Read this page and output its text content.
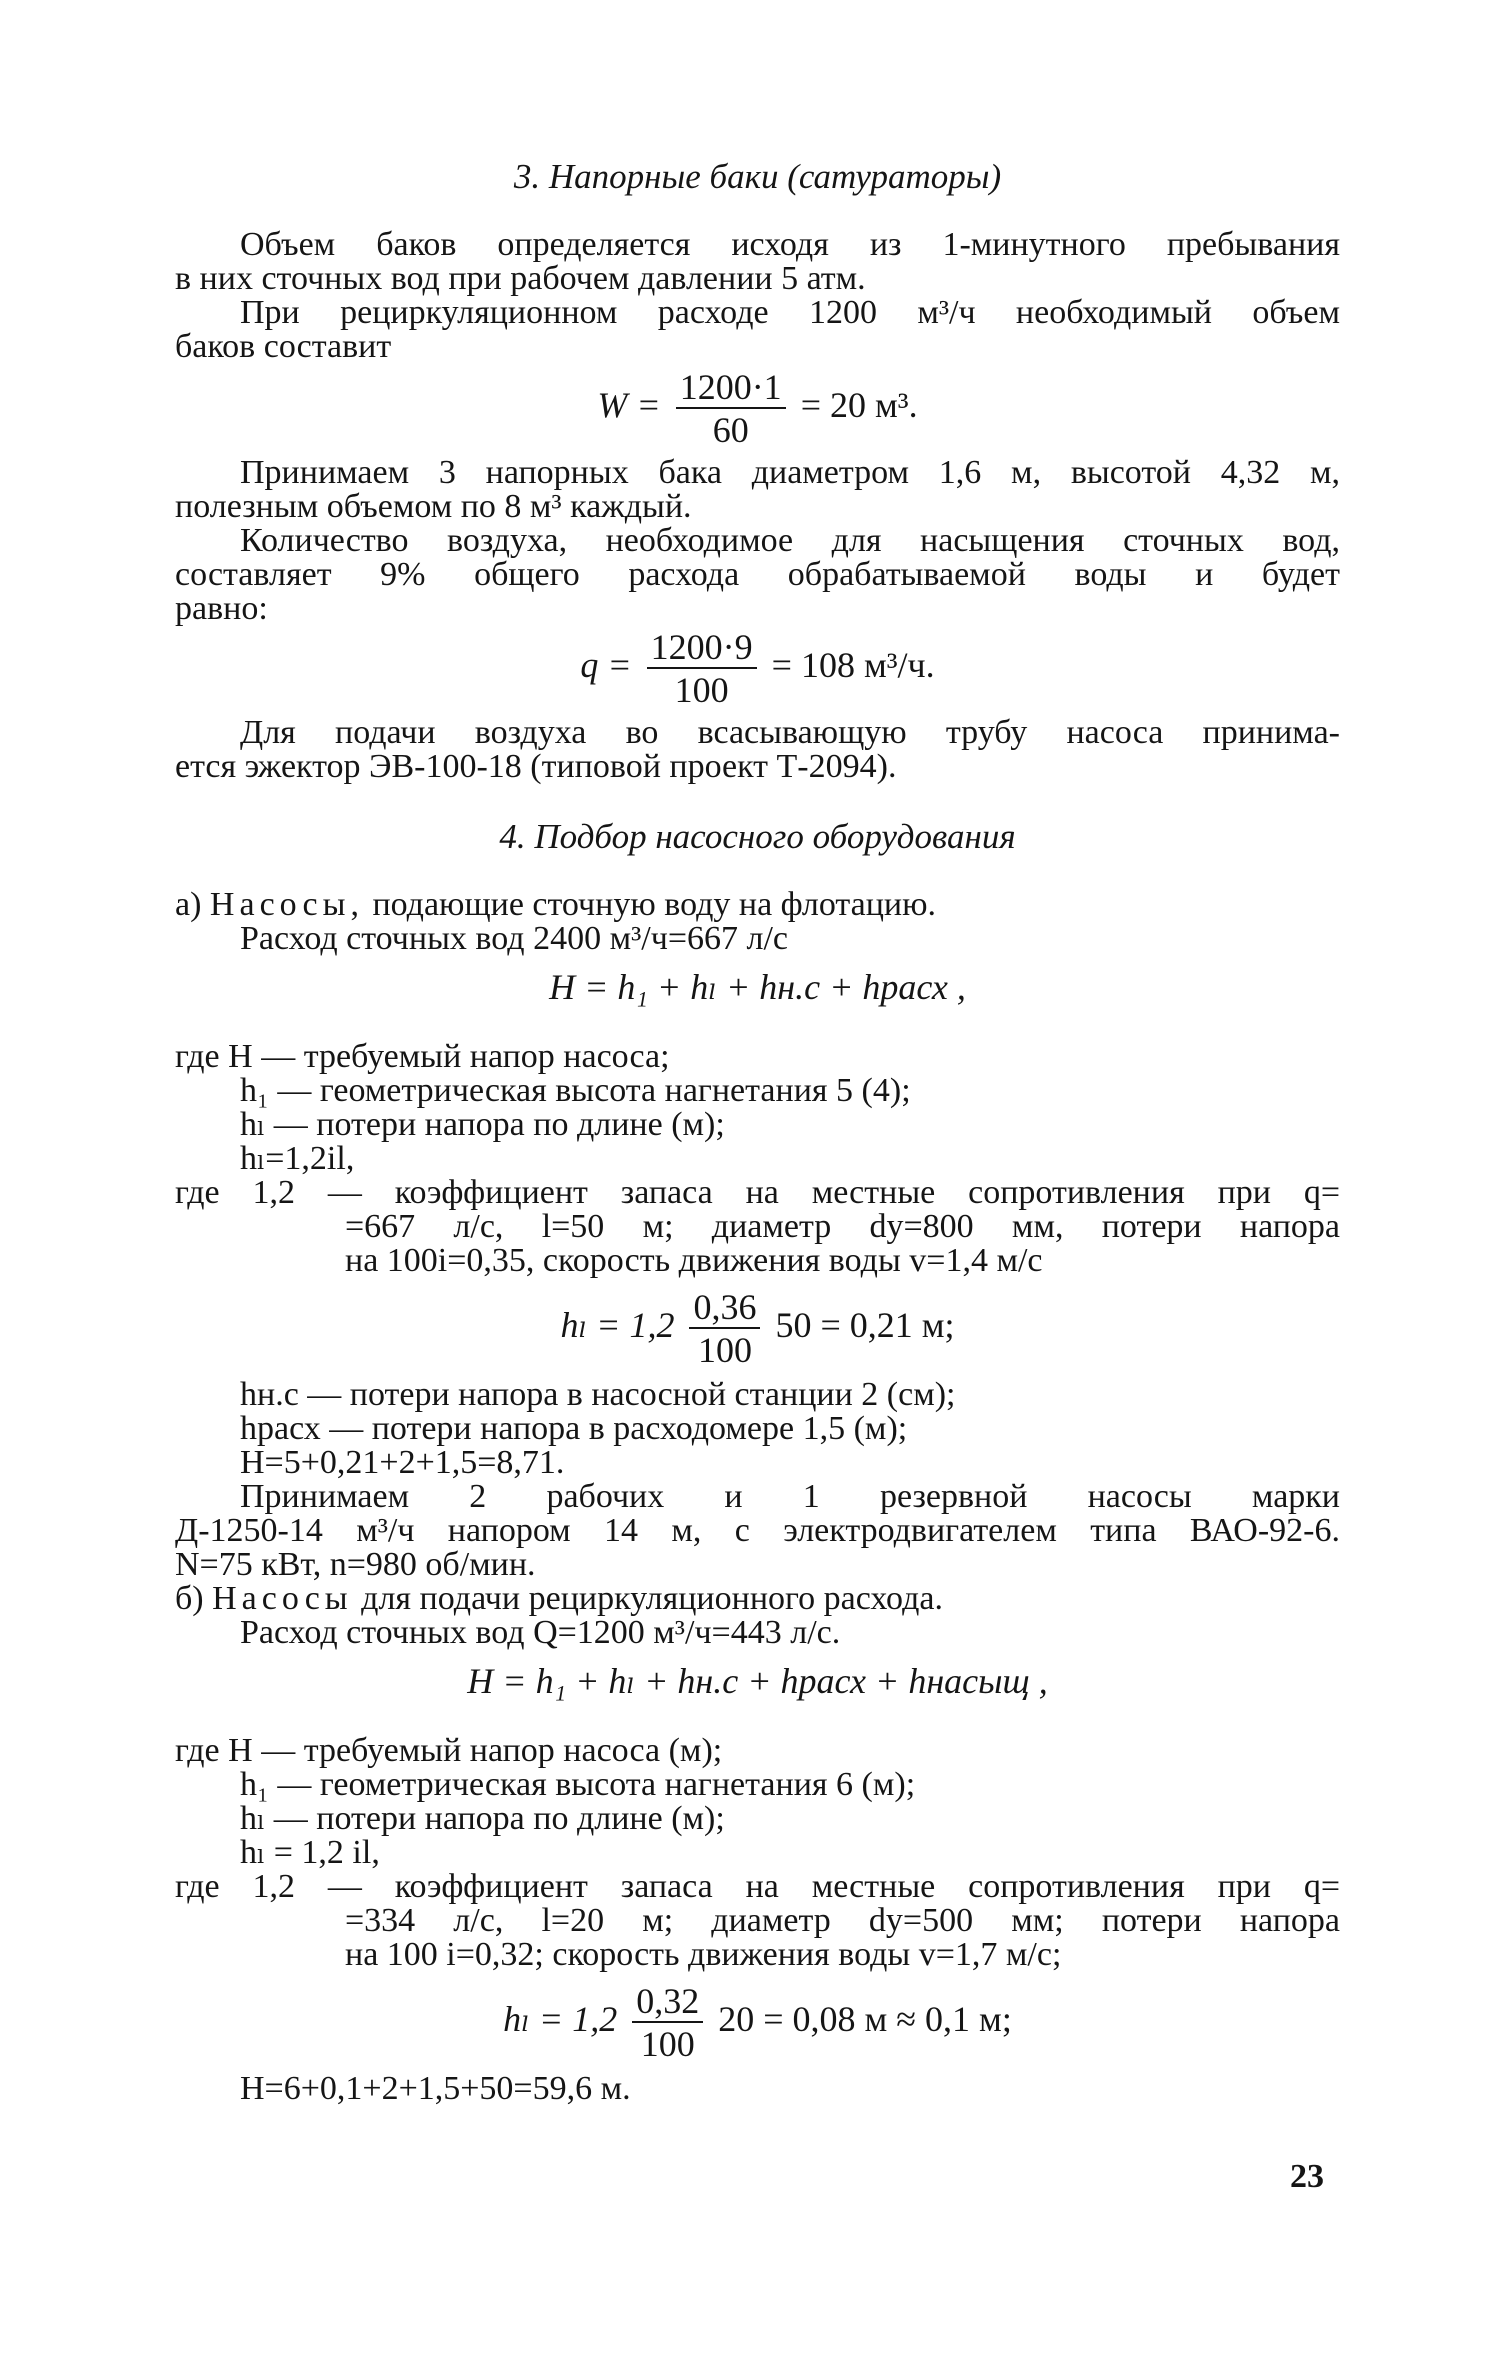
3. Напорные баки (сатураторы)
Объем баков определяется исходя из 1-минутного пребывания
в них сточных вод при рабочем давлении 5 атм.
При рециркуляционном расходе 1200 м³/ч необходимый объем
баков составит
$W = \frac{1200\cdot 1}{60} = 20$ м³.
Принимаем 3 напорных бака диаметром 1,6 м, высотой 4,32 м,
полезным объемом по 8 м³ каждый.
Количество воздуха, необходимое для насыщения сточных вод,
составляет 9% общего расхода обрабатываемой воды и будет
равно:
$q = \frac{1200\cdot 9}{100} = 108$ м³/ч.
Для подачи воздуха во всасывающую трубу насоса принима-
ется эжектор ЭВ-100-18 (типовой проект Т-2094).
4. Подбор насосного оборудования
а) Насосы, подающие сточную воду на флотацию.
Расход сточных вод 2400 м³/ч=667 л/с
H = h₁ + hₗ + hн.с + hрасх ,
где H — требуемый напор насоса;
h₁ — геометрическая высота нагнетания 5 (4);
hₗ — потери напора по длине (м);
hₗ=1,2il,
где 1,2 — коэффициент запаса на местные сопротивления при q=
=667 л/с, l=50 м; диаметр dy=800 мм, потери напора
на 100i=0,35, скорость движения воды v=1,4 м/с
$h_l = 1,2 \frac{0,36}{100} 50 = 0,21$ м;
hн.с — потери напора в насосной станции 2 (см);
hрасх — потери напора в расходомере 1,5 (м);
H=5+0,21+2+1,5=8,71.
Принимаем 2 рабочих и 1 резервной насосы марки
Д-1250-14 м³/ч напором 14 м, с электродвигателем типа ВАО-92-6.
N=75 кВт, n=980 об/мин.
б) Насосы для подачи рециркуляционного расхода.
Расход сточных вод Q=1200 м³/ч=443 л/с.
H = h₁ + hₗ + hн.с + hрасх + hнасыщ ,
где H — требуемый напор насоса (м);
h₁ — геометрическая высота нагнетания 6 (м);
hₗ — потери напора по длине (м);
hₗ = 1,2 il,
где 1,2 — коэффициент запаса на местные сопротивления при q=
=334 л/с, l=20 м; диаметр dy=500 мм; потери напора
на 100 i=0,32; скорость движения воды v=1,7 м/с;
$h_l = 1,2 \frac{0,32}{100} 20 = 0,08$ м ≈ 0,1 м;
H=6+0,1+2+1,5+50=59,6 м.
23
